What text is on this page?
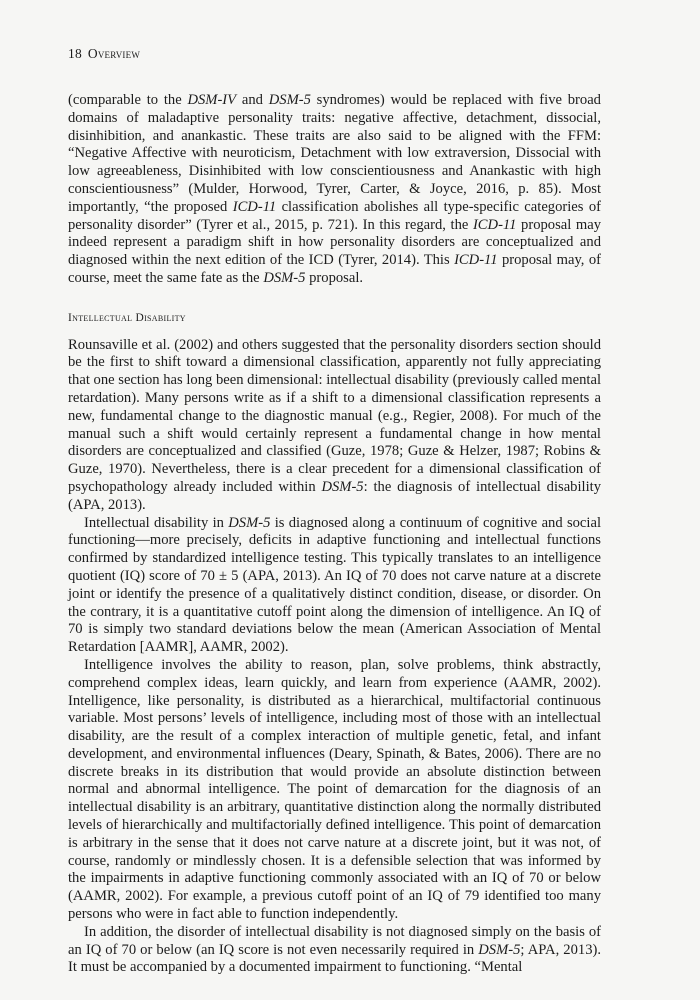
18 Overview

(comparable to the DSM-IV and DSM-5 syndromes) would be replaced with five broad domains of maladaptive personality traits: negative affective, detachment, dissocial, disinhibition, and anankastic. These traits are also said to be aligned with the FFM: “Negative Affective with neuroticism, Detachment with low extraversion, Dissocial with low agreeableness, Disinhibited with low conscientiousness and Anankastic with high conscientiousness” (Mulder, Horwood, Tyrer, Carter, & Joyce, 2016, p. 85). Most importantly, “the proposed ICD-11 classification abolishes all type-specific categories of personality disorder” (Tyrer et al., 2015, p. 721). In this regard, the ICD-11 proposal may indeed represent a paradigm shift in how personality disorders are conceptualized and diagnosed within the next edition of the ICD (Tyrer, 2014). This ICD-11 proposal may, of course, meet the same fate as the DSM-5 proposal.

Intellectual Disability

Rounsaville et al. (2002) and others suggested that the personality disorders section should be the first to shift toward a dimensional classification, apparently not fully appreciating that one section has long been dimensional: intellectual disability (previously called mental retardation). Many persons write as if a shift to a dimensional classification represents a new, fundamental change to the diagnostic manual (e.g., Regier, 2008). For much of the manual such a shift would certainly represent a fundamental change in how mental disorders are conceptualized and classified (Guze, 1978; Guze & Helzer, 1987; Robins & Guze, 1970). Nevertheless, there is a clear precedent for a dimensional classification of psychopathology already included within DSM-5: the diagnosis of intellectual disability (APA, 2013).

Intellectual disability in DSM-5 is diagnosed along a continuum of cognitive and social functioning—more precisely, deficits in adaptive functioning and intellectual functions confirmed by standardized intelligence testing. This typically translates to an intelligence quotient (IQ) score of 70 ± 5 (APA, 2013). An IQ of 70 does not carve nature at a discrete joint or identify the presence of a qualitatively distinct condition, disease, or disorder. On the contrary, it is a quantitative cutoff point along the dimension of intelligence. An IQ of 70 is simply two standard deviations below the mean (American Association of Mental Retardation [AAMR], AAMR, 2002).

Intelligence involves the ability to reason, plan, solve problems, think abstractly, comprehend complex ideas, learn quickly, and learn from experience (AAMR, 2002). Intelligence, like personality, is distributed as a hierarchical, multifactorial continuous variable. Most persons’ levels of intelligence, including most of those with an intellectual disability, are the result of a complex interaction of multiple genetic, fetal, and infant development, and environmental influences (Deary, Spinath, & Bates, 2006). There are no discrete breaks in its distribution that would provide an absolute distinction between normal and abnormal intelligence. The point of demarcation for the diagnosis of an intellectual disability is an arbitrary, quantitative distinction along the normally distributed levels of hierarchically and multifactorially defined intelligence. This point of demarcation is arbitrary in the sense that it does not carve nature at a discrete joint, but it was not, of course, randomly or mindlessly chosen. It is a defensible selection that was informed by the impairments in adaptive functioning commonly associated with an IQ of 70 or below (AAMR, 2002). For example, a previous cutoff point of an IQ of 79 identified too many persons who were in fact able to function independently.

In addition, the disorder of intellectual disability is not diagnosed simply on the basis of an IQ of 70 or below (an IQ score is not even necessarily required in DSM-5; APA, 2013). It must be accompanied by a documented impairment to functioning. “Mental
